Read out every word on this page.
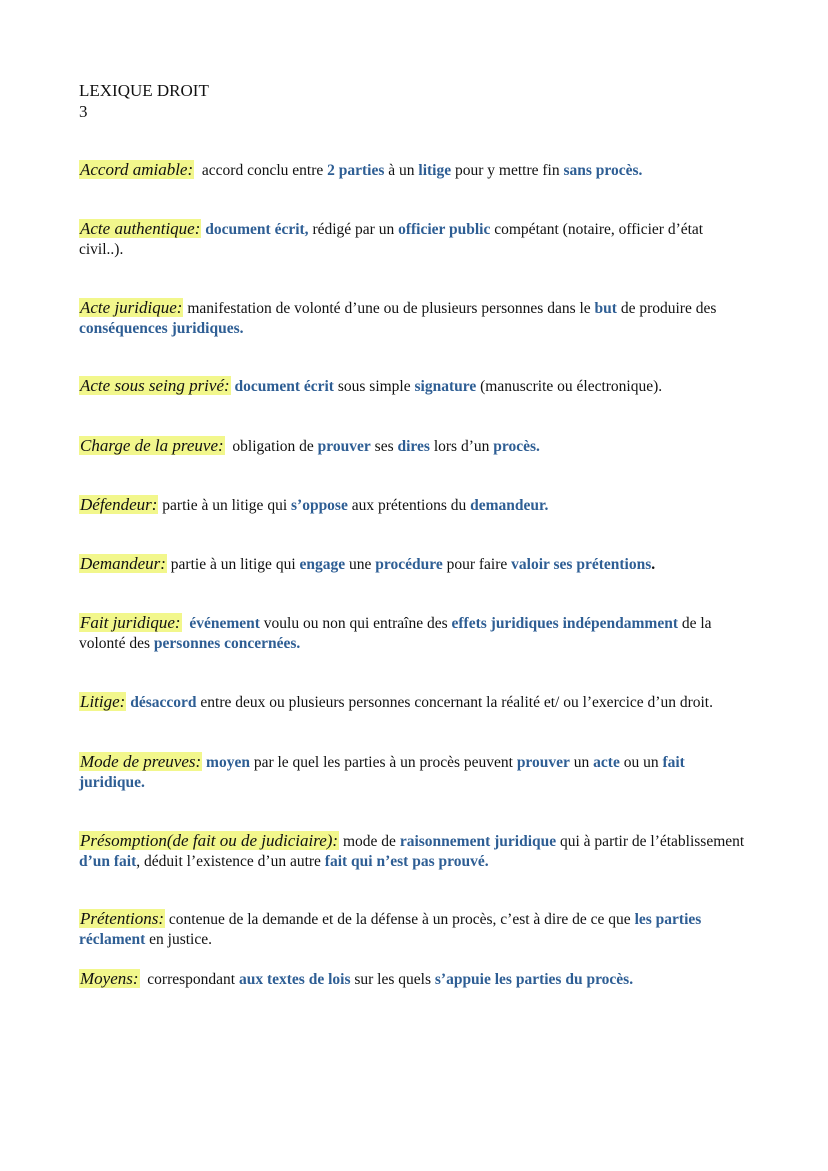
LEXIQUE DROIT
3
Accord amiable:  accord conclu entre 2 parties à un litige pour y mettre fin sans procès.
Acte authentique: document écrit, rédigé par un officier public compétant (notaire, officier d’état civil..).
Acte juridique: manifestation de volonté d’une ou de plusieurs personnes dans le but de produire des conséquences juridiques.
Acte sous seing privé: document écrit sous simple signature (manuscrite ou électronique).
Charge de la preuve:  obligation de prouver ses dires lors d’un procès.
Défendeur: partie à un litige qui s’oppose aux prétentions du demandeur.
Demandeur: partie à un litige qui engage une procédure pour faire valoir ses prétentions.
Fait juridique: événement voulu ou non qui entraîne des effets juridiques indépendamment de la volonté des personnes concernées.
Litige: désaccord entre deux ou plusieurs personnes concernant la réalité et/ ou l’exercice d’un droit.
Mode de preuves: moyen par le quel les parties à un procès peuvent prouver un acte ou un fait juridique.
Présomption(de fait ou de judiciaire): mode de raisonnement juridique qui à partir de l’établissement d’un fait, déduit l’existence d’un autre fait qui n’est pas prouvé.
Prétentions: contenue de la demande et de la défense à un procès, c’est à dire de ce que les parties réclament en justice.
Moyens:  correspondant aux textes de lois sur les quels s’appuie les parties du procès.
